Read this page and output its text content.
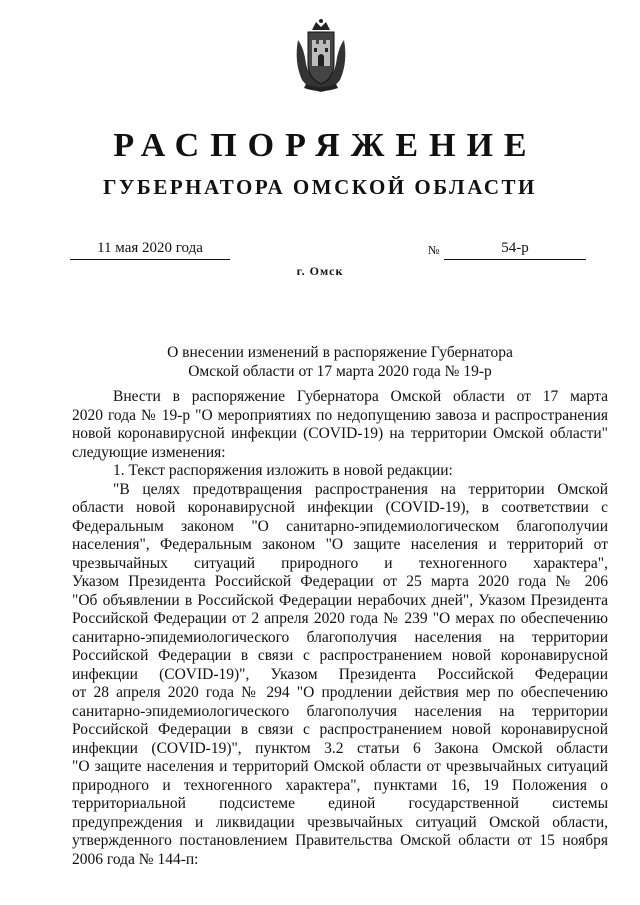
РАСПОРЯЖЕНИЕ
ГУБЕРНАТОРА ОМСКОЙ ОБЛАСТИ
11 мая 2020 года	№	54-р
г. Омск
О внесении изменений в распоряжение Губернатора
Омской области от 17 марта 2020 года № 19-р

Внести в распоряжение Губернатора Омской области от 17 марта

2020 года № 19-р "О мероприятиях по недопущению завоза и распространения

новой коронавирусной инфекции (COVID-19) на территории Омской области"

следующие изменения:

1. Текст распоряжения изложить в новой редакции:

"В целях предотвращения распространения на территории Омской

области новой коронавирусной инфекции (COVID-19), в соответствии с

Федеральным законом "О санитарно-эпидемиологическом благополучии

населения", Федеральным законом "О защите населения и территорий от

чрезвычайных ситуаций природного и техногенного характера",

Указом Президента Российской Федерации от 25 марта 2020 года № 206

"Об объявлении в Российской Федерации нерабочих дней", Указом Президента

Российской Федерации от 2 апреля 2020 года № 239 "О мерах по обеспечению

санитарно-эпидемиологического благополучия населения на территории

Российской Федерации в связи с распространением новой коронавирусной

инфекции (COVID-19)", Указом Президента Российской Федерации

от 28 апреля 2020 года № 294 "О продлении действия мер по обеспечению

санитарно-эпидемиологического благополучия населения на территории

Российской Федерации в связи с распространением новой коронавирусной

инфекции (COVID-19)", пунктом 3.2 статьи 6 Закона Омской области

"О защите населения и территорий Омской области от чрезвычайных ситуаций

природного и техногенного характера", пунктами 16, 19 Положения о

территориальной подсистеме единой государственной системы

предупреждения и ликвидации чрезвычайных ситуаций Омской области,

утвержденного постановлением Правительства Омской области от 15 ноября

2006 года № 144-п:
